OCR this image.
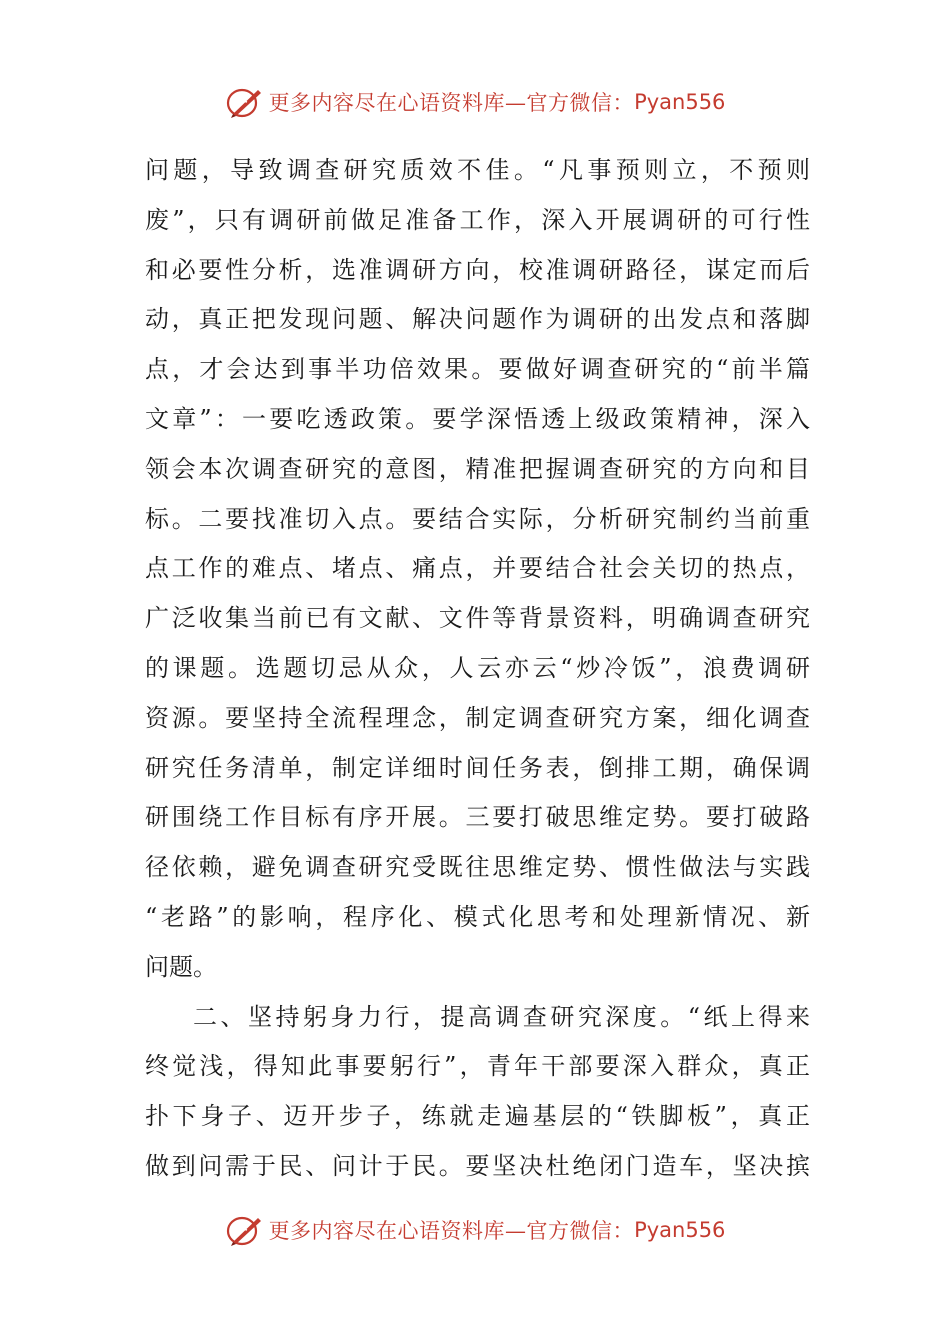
更多内容尽在心语资料库—官方微信： Pyan556
问题，导致调查研究质效不佳。“凡事预则立，不预则
废”，只有调研前做足准备工作，深入开展调研的可行性
和必要性分析，选准调研方向，校准调研路径，谋定而后
动，真正把发现问题、解决问题作为调研的出发点和落脚
点，才会达到事半功倍效果。要做好调查研究的“前半篇
文章”：一要吃透政策。要学深悟透上级政策精神，深入
领会本次调查研究的意图，精准把握调查研究的方向和目
标。二要找准切入点。要结合实际，分析研究制约当前重
点工作的难点、堵点、痛点，并要结合社会关切的热点，
广泛收集当前已有文献、文件等背景资料，明确调查研究
的课题。选题切忌从众，人云亦云“炒冷饭”，浪费调研
资源。要坚持全流程理念，制定调查研究方案，细化调查
研究任务清单，制定详细时间任务表，倒排工期，确保调
研围绕工作目标有序开展。三要打破思维定势。要打破路
径依赖，避免调查研究受既往思维定势、惯性做法与实践
“老路”的影响，程序化、模式化思考和处理新情况、新
问题。
二、坚持躬身力行，提高调查研究深度。“纸上得来
终觉浅，得知此事要躬行”，青年干部要深入群众，真正
扑下身子、迈开步子，练就走遍基层的“铁脚板”，真正
做到问需于民、问计于民。要坚决杜绝闭门造车，坚决摈
更多内容尽在心语资料库—官方微信： Pyan556
